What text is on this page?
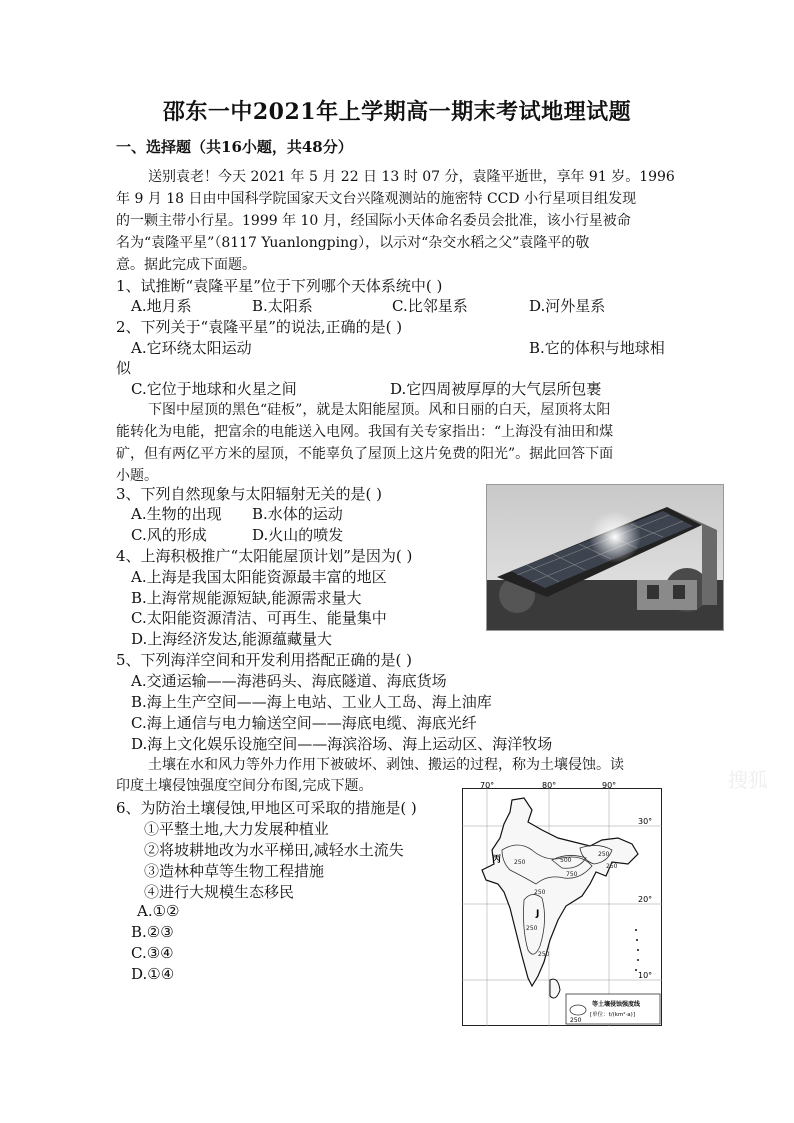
邵东一中2021年上学期高一期末考试地理试题
一、选择题（共16小题，共48分）
送别袁老！今天 2021 年 5 月 22 日 13 时 07 分，袁隆平逝世，享年 91 岁。1996
年 9 月 18 日由中国科学院国家天文台兴隆观测站的施密特 CCD 小行星项目组发现
的一颗主带小行星。1999 年 10 月，经国际小天体命名委员会批准，该小行星被命
名为“袁隆平星”（8117 Yuanlongping），以示对“杂交水稻之父”袁隆平的敬
意。据此完成下面题。
1、试推断“袁隆平星”位于下列哪个天体系统中( )
A.地月系	B.太阳系	C.比邻星系	D.河外星系
2、下列关于“袁隆平星”的说法,正确的是( )
A.它环绕太阳运动	B.它的体积与地球相
似
C.它位于地球和火星之间	D.它四周被厚厚的大气层所包裹
下图中屋顶的黑色“硅板”，就是太阳能屋顶。风和日丽的白天，屋顶将太阳
能转化为电能，把富余的电能送入电网。我国有关专家指出：“上海没有油田和煤
矿，但有两亿平方米的屋顶，不能辜负了屋顶上这片免费的阳光”。据此回答下面
小题。
3、下列自然现象与太阳辐射无关的是( )
A.生物的出现 B.水体的运动
C.风的形成	D.火山的喷发
4、上海积极推广“太阳能屋顶计划”是因为( )
A.上海是我国太阳能资源最丰富的地区
B.上海常规能源短缺,能源需求量大
C.太阳能资源清洁、可再生、能量集中
D.上海经济发达,能源蕴藏量大
5、下列海洋空间和开发利用搭配正确的是( )
A.交通运输——海港码头、海底隧道、海底货场
B.海上生产空间——海上电站、工业人工岛、海上油库
C.海上通信与电力输送空间——海底电缆、海底光纤
D.海上文化娱乐设施空间——海滨浴场、海上运动区、海洋牧场
土壤在水和风力等外力作用下被破坏、剥蚀、搬运的过程，称为土壤侵蚀。读
印度土壤侵蚀强度空间分布图,完成下题。	搜狐
6、为防治土壤侵蚀,甲地区可采取的措施是( )
①平整土地,大力发展种植业
②将坡耕地改为水平梯田,减轻水土流失
③造林种草等生物工程措施
④进行大规模生态移民
A.①②
B.②③
C.③④
D.①④
70°	80°	90°
30°
20°
10°
500
250
750
250
250
250
250
250
丙
J
250
等土壤侵蚀强度线
[单位：t/(km²·a)]
